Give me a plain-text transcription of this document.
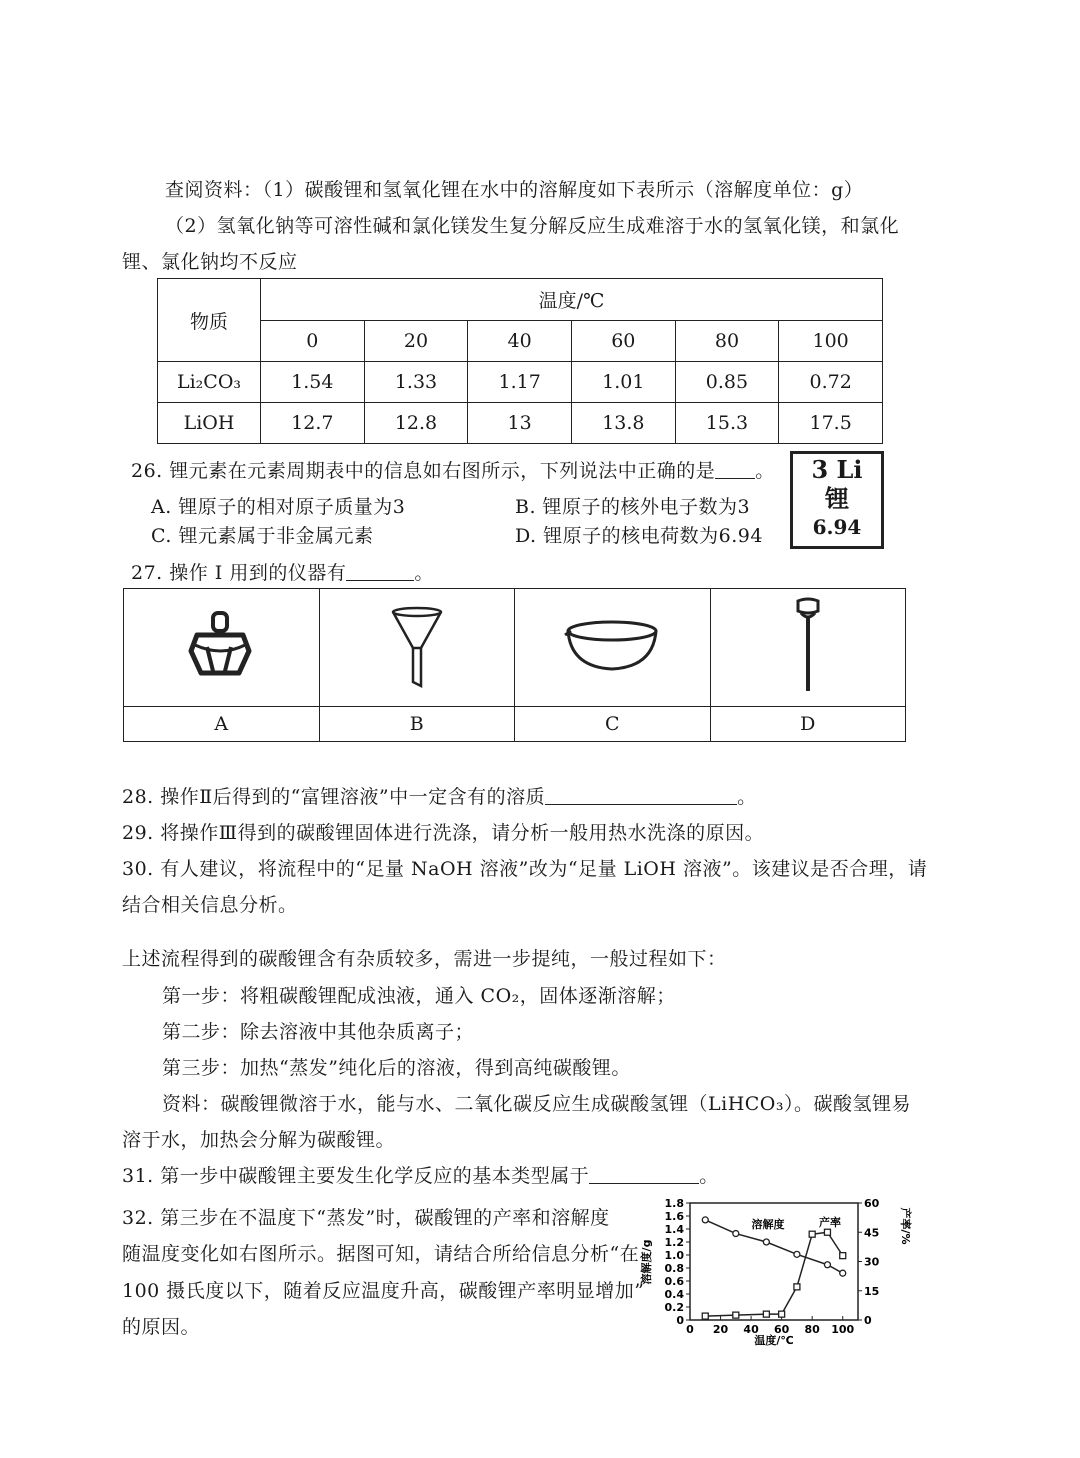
查阅资料：（1）碳酸锂和氢氧化锂在水中的溶解度如下表所示（溶解度单位：g）
（2）氢氧化钠等可溶性碱和氯化镁发生复分解反应生成难溶于水的氢氧化镁，和氯化
锂、氯化钠均不反应
物质	温度/℃					
	0	20	40	60	80	100
Li₂CO₃	1.54	1.33	1.17	1.01	0.85	0.72
LiOH	12.7	12.8	13	13.8	15.3	17.5
26. 锂元素在元素周期表中的信息如右图所示，下列说法中正确的是 。
A. 锂原子的相对原子质量为3	B. 锂原子的核外电子数为3
C. 锂元素属于非金属元素	D. 锂原子的核电荷数为6.94
3 Li
锂
6.94
27. 操作 I 用到的仪器有	。

A	B	C	D
28. 操作Ⅱ后得到的“富锂溶液”中一定含有的溶质	。
29. 将操作Ⅲ得到的碳酸锂固体进行洗涤，请分析一般用热水洗涤的原因。
30. 有人建议，将流程中的“足量 NaOH 溶液”改为“足量 LiOH 溶液”。该建议是否合理，请
结合相关信息分析。
上述流程得到的碳酸锂含有杂质较多，需进一步提纯，一般过程如下：
第一步：将粗碳酸锂配成浊液，通入 CO₂，固体逐渐溶解；
第二步：除去溶液中其他杂质离子；
第三步：加热“蒸发”纯化后的溶液，得到高纯碳酸锂。
资料：碳酸锂微溶于水，能与水、二氧化碳反应生成碳酸氢锂（LiHCO₃）。碳酸氢锂易
溶于水，加热会分解为碳酸锂。
31. 第一步中碳酸锂主要发生化学反应的基本类型属于	。
32. 第三步在不温度下“蒸发”时，碳酸锂的产率和溶解度
随温度变化如右图所示。据图可知，请结合所给信息分析“在
100 摄氏度以下，随着反应温度升高，碳酸锂产率明显增加”
的原因。	0
0.2
0.4
0.6
0.8
1.0
1.2
1.4
1.6
1.8
0
15
30
45
60
0 20 40 60 80 100
溶解度/g
产率/%
温度/℃
溶解度	产率
